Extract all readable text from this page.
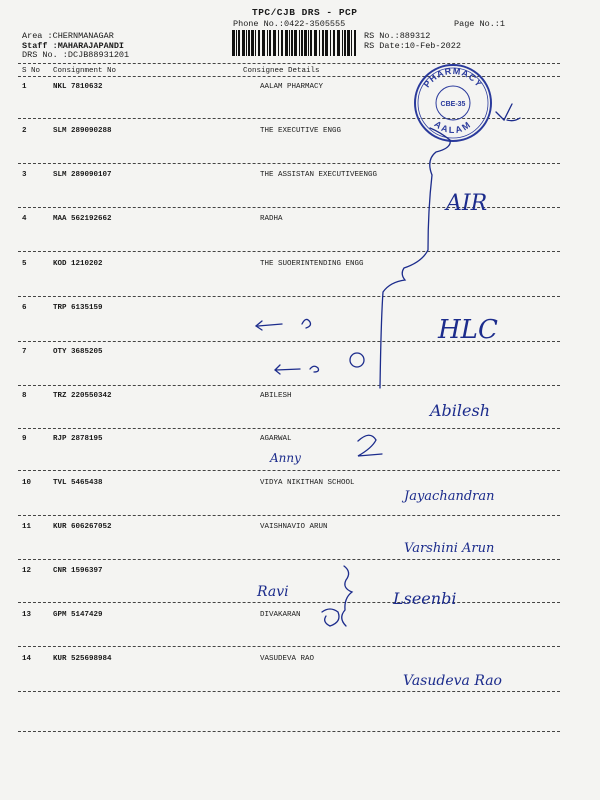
TPC/CJB DRS - PCP
Phone No.:0422-3505555	Page No.:1
Area :CHERNMANAGAR
Staff :MAHARAJAPANDI
DRS No. :DCJB88931201
RS No.:889312
RS Date:10-Feb-2022
S No Consignment No	Consignee Details
1	NKL 7810632	AALAM PHARMACY
2	SLM 289090288	THE EXECUTIVE ENGG
3	SLM 289090107	THE ASSISTAN EXECUTIVEENGG
4	MAA 562192662	RADHA
5	KOD 1210202	THE SUOERINTENDING ENGG
6	TRP 6135159
7	OTY 3685205
8	TRZ 220550342	ABILESH
9	RJP 2878195	AGARWAL
10	TVL 5465438	VIDYA NIKITHAN SCHOOL
11	KUR 606267052	VAISHNAVIO ARUN
12	CNR 1596397
13	GPM 5147429	DIVAKARAN
14	KUR 525698984	VASUDEVA RAO
PHARMACY
AALAM
CBE-35
AIR
HLC
Abilesh
Anny
Jayachandran
Varshini Arun
Ravi	Lseenbi
Vasudeva Rao
